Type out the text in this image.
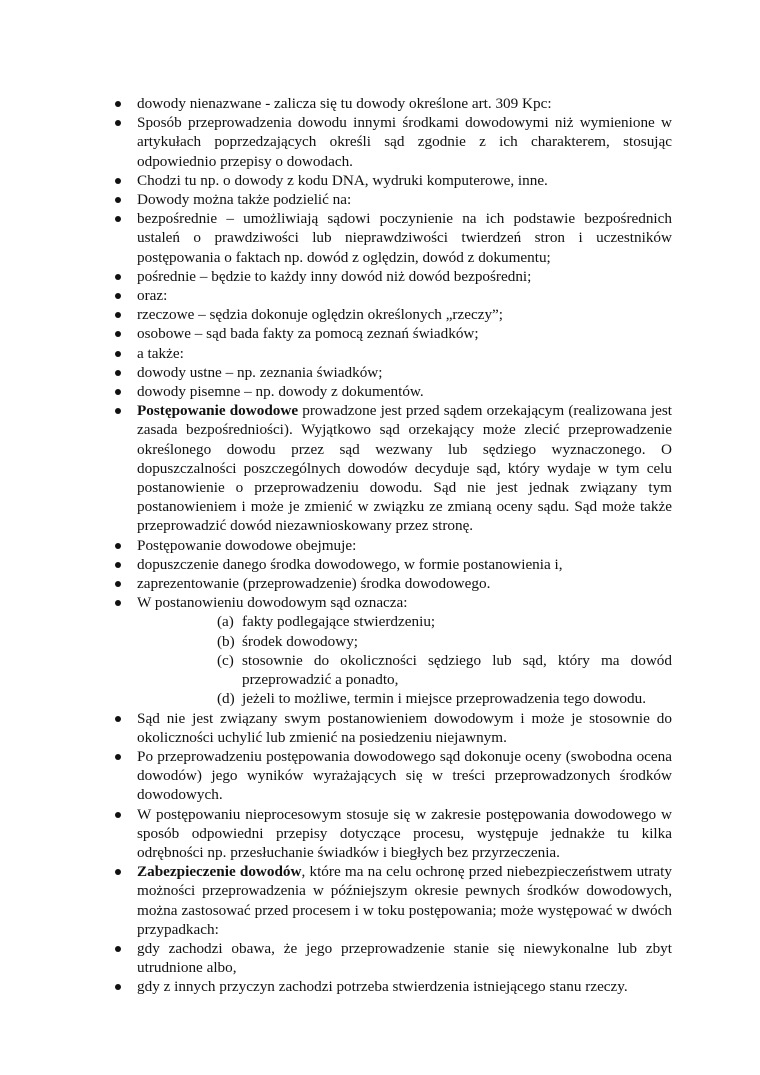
dowody nienazwane - zalicza się tu dowody określone art. 309 Kpc:
Sposób przeprowadzenia dowodu innymi środkami dowodowymi niż wymienione w artykułach poprzedzających określi sąd zgodnie z ich charakterem, stosując odpowiednio przepisy o dowodach.
Chodzi tu np. o dowody z kodu DNA, wydruki komputerowe, inne.
Dowody można także podzielić na:
bezpośrednie – umożliwiają sądowi poczynienie na ich podstawie bezpośrednich ustaleń o prawdziwości lub nieprawdziwości twierdzeń stron i uczestników postępowania o faktach np. dowód z oględzin, dowód z dokumentu;
pośrednie – będzie to każdy inny dowód niż dowód bezpośredni;
oraz:
rzeczowe – sędzia dokonuje oględzin określonych „rzeczy”;
osobowe – sąd bada fakty za pomocą zeznań świadków;
a także:
dowody ustne – np. zeznania świadków;
dowody pisemne – np. dowody z dokumentów.
Postępowanie dowodowe prowadzone jest przed sądem orzekającym (realizowana jest zasada bezpośredniości). Wyjątkowo sąd orzekający może zlecić przeprowadzenie określonego dowodu przez sąd wezwany lub sędziego wyznaczonego. O dopuszczalności poszczególnych dowodów decyduje sąd, który wydaje w tym celu postanowienie o przeprowadzeniu dowodu. Sąd nie jest jednak związany tym postanowieniem i może je zmienić w związku ze zmianą oceny sądu. Sąd może także przeprowadzić dowód niezawnioskowany przez stronę.
Postępowanie dowodowe obejmuje:
dopuszczenie danego środka dowodowego, w formie postanowienia i,
zaprezentowanie (przeprowadzenie) środka dowodowego.
W postanowieniu dowodowym sąd oznacza:
(a) fakty podlegające stwierdzeniu;
(b) środek dowodowy;
(c) stosownie do okoliczności sędziego lub sąd, który ma dowód przeprowadzić a ponadto,
(d) jeżeli to możliwe, termin i miejsce przeprowadzenia tego dowodu.
Sąd nie jest związany swym postanowieniem dowodowym i może je stosownie do okoliczności uchylić lub zmienić na posiedzeniu niejawnym.
Po przeprowadzeniu postępowania dowodowego sąd dokonuje oceny (swobodna ocena dowodów) jego wyników wyrażających się w treści przeprowadzonych środków dowodowych.
W postępowaniu nieprocesowym stosuje się w zakresie postępowania dowodowego w sposób odpowiedni przepisy dotyczące procesu, występuje jednakże tu kilka odrębności np. przesłuchanie świadków i biegłych bez przyrzeczenia.
Zabezpieczenie dowodów, które ma na celu ochronę przed niebezpieczeństwem utraty możności przeprowadzenia w późniejszym okresie pewnych środków dowodowych, można zastosować przed procesem i w toku postępowania; może występować w dwóch przypadkach:
gdy zachodzi obawa, że jego przeprowadzenie stanie się niewykonalne lub zbyt utrudnione albo,
gdy z innych przyczyn zachodzi potrzeba stwierdzenia istniejącego stanu rzeczy.
